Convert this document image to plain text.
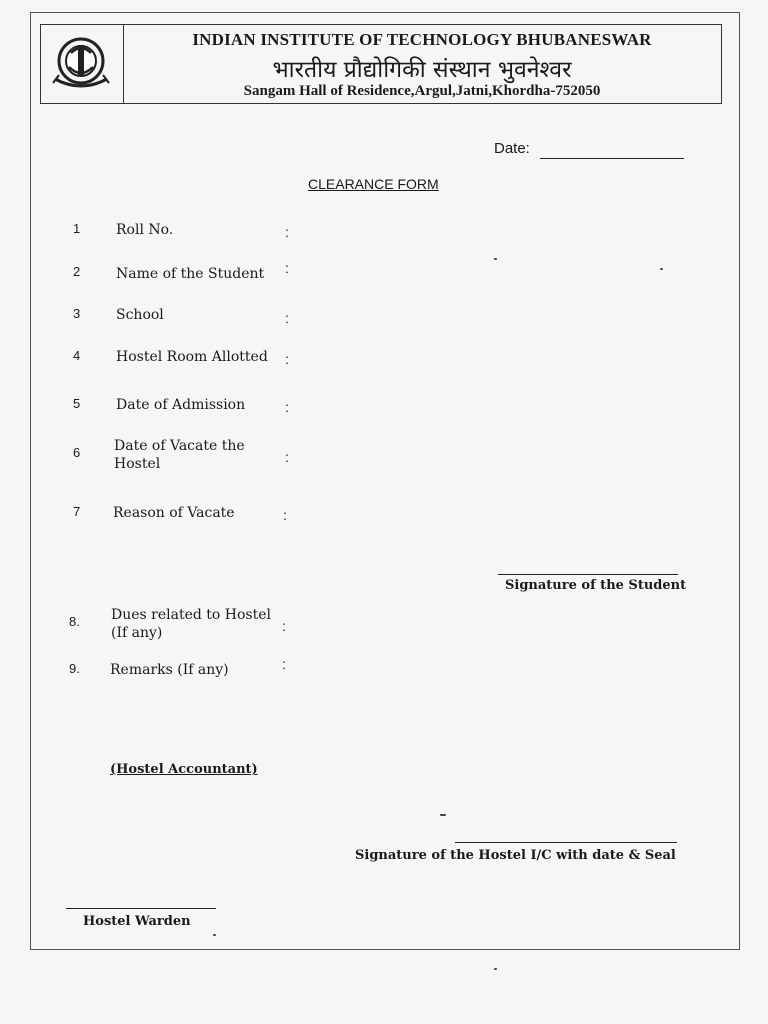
INDIAN INSTITUTE OF TECHNOLOGY BHUBANESWAR
भारतीय प्रौद्योगिकी संस्थान भुवनेश्वर
Sangam Hall of Residence,Argul,Jatni,Khordha-752050
Date:
CLEARANCE FORM
1	Roll No.	:
2	Name of the Student :
3	School	:
4	Hostel Room Allotted :
5	Date of Admission	:
6 Date of Vacate the Hostel	:
7 Reason of Vacate	:
Signature of the Student
8. Dues related to Hostel (If any)	:
9. Remarks (If any)	:
(Hostel Accountant)
Signature of the Hostel I/C with date & Seal
Hostel Warden
